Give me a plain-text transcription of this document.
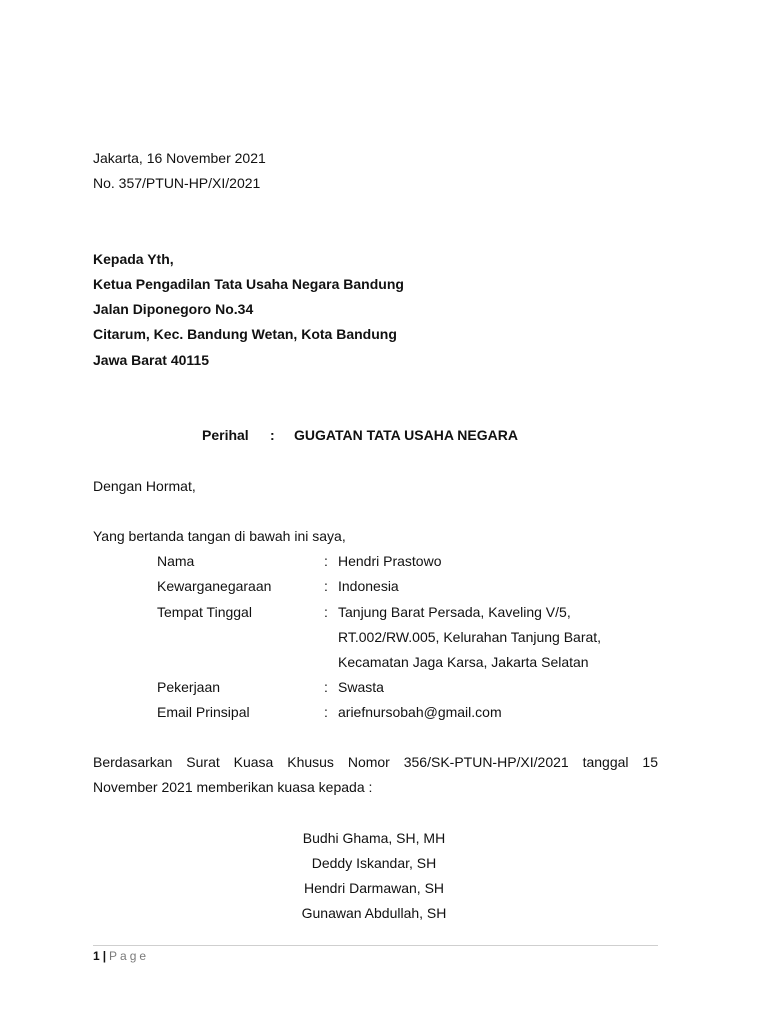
Jakarta, 16 November 2021
No. 357/PTUN-HP/XI/2021
Kepada Yth,
Ketua Pengadilan Tata Usaha Negara Bandung
Jalan Diponegoro No.34
Citarum, Kec. Bandung Wetan, Kota Bandung
Jawa Barat 40115
Perihal : GUGATAN TATA USAHA NEGARA
Dengan Hormat,
Yang bertanda tangan di bawah ini saya,
Nama	: Hendri Prastowo
Kewarganegaraan	: Indonesia
Tempat Tinggal	: Tanjung Barat Persada, Kaveling V/5,
RT.002/RW.005, Kelurahan Tanjung Barat,
Kecamatan Jaga Karsa, Jakarta Selatan
Pekerjaan	: Swasta
Email Prinsipal	: ariefnursobah@gmail.com
Berdasarkan Surat Kuasa Khusus Nomor 356/SK-PTUN-HP/XI/2021 tanggal 15
November 2021 memberikan kuasa kepada :
Budhi Ghama, SH, MH
Deddy Iskandar, SH
Hendri Darmawan, SH
Gunawan Abdullah, SH
1 | Page
